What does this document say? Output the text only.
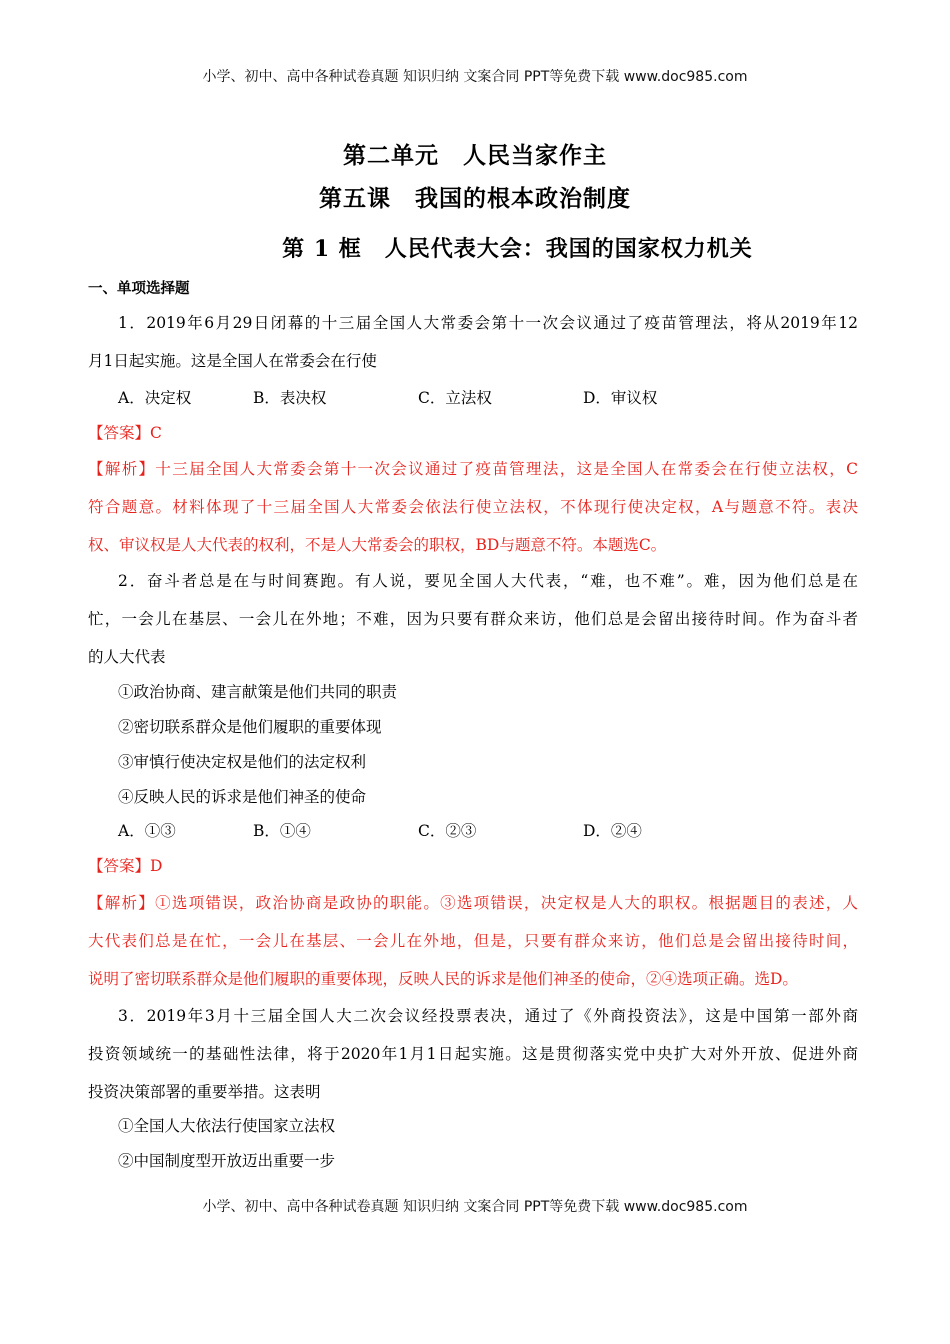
小学、初中、高中各种试卷真题 知识归纳 文案合同 PPT等免费下载 www.doc985.com
第二单元　人民当家作主
第五课　我国的根本政治制度
第 1 框　人民代表大会：我国的国家权力机关
一、单项选择题
1．2019年6月29日闭幕的十三届全国人大常委会第十一次会议通过了疫苗管理法，将从2019年12
月1日起实施。这是全国人在常委会在行使
A．决定权	B．表决权	C．立法权	D．审议权
【答案】C
【解析】十三届全国人大常委会第十一次会议通过了疫苗管理法，这是全国人在常委会在行使立法权，C
符合题意。材料体现了十三届全国人大常委会依法行使立法权，不体现行使决定权，A与题意不符。表决
权、审议权是人大代表的权利，不是人大常委会的职权，BD与题意不符。本题选C。
2．奋斗者总是在与时间赛跑。有人说，要见全国人大代表，“难，也不难”。难，因为他们总是在
忙，一会儿在基层、一会儿在外地；不难，因为只要有群众来访，他们总是会留出接待时间。作为奋斗者
的人大代表
①政治协商、建言献策是他们共同的职责
②密切联系群众是他们履职的重要体现
③审慎行使决定权是他们的法定权利
④反映人民的诉求是他们神圣的使命
A．①③	B．①④	C．②③	D．②④
【答案】D
【解析】①选项错误，政治协商是政协的职能。③选项错误，决定权是人大的职权。根据题目的表述，人
大代表们总是在忙，一会儿在基层、一会儿在外地，但是，只要有群众来访，他们总是会留出接待时间，
说明了密切联系群众是他们履职的重要体现，反映人民的诉求是他们神圣的使命，②④选项正确。选D。
3．2019年3月十三届全国人大二次会议经投票表决，通过了《外商投资法》，这是中国第一部外商
投资领域统一的基础性法律，将于2020年1月1日起实施。这是贯彻落实党中央扩大对外开放、促进外商
投资决策部署的重要举措。这表明
①全国人大依法行使国家立法权
②中国制度型开放迈出重要一步
小学、初中、高中各种试卷真题 知识归纳 文案合同 PPT等免费下载 www.doc985.com
